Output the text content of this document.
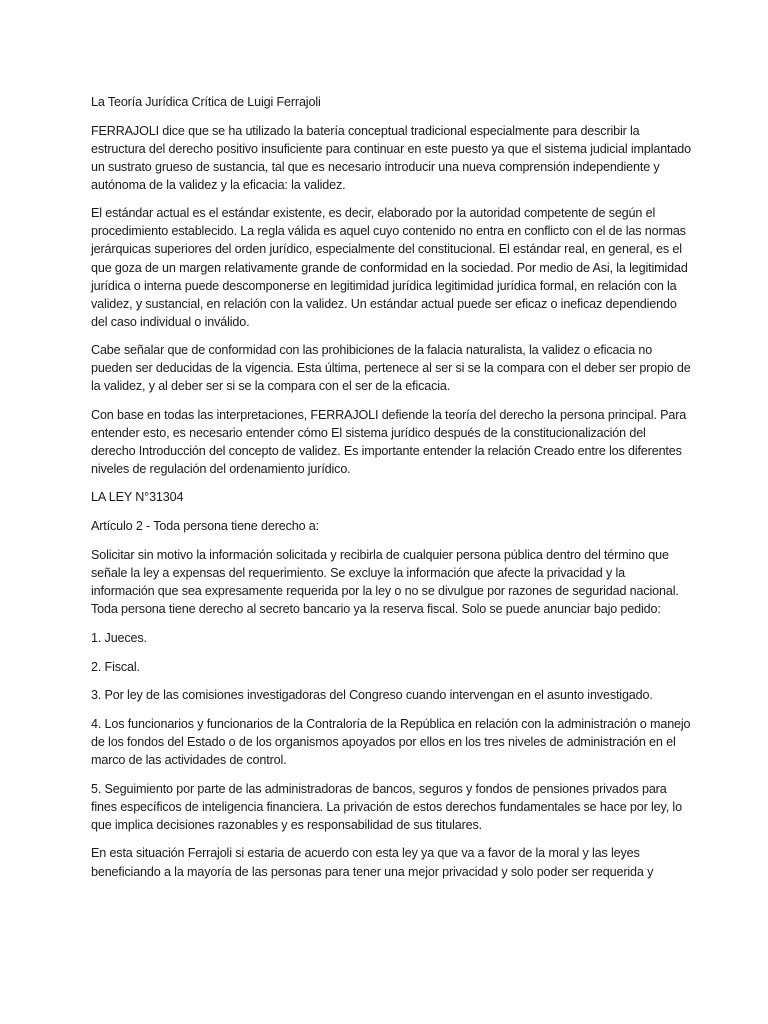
La Teoría Jurídica Crítica de Luigi Ferrajoli

FERRAJOLI dice que se ha utilizado la batería conceptual tradicional especialmente para describir la estructura del derecho positivo insuficiente para continuar en este puesto ya que el sistema judicial implantado un sustrato grueso de sustancia, tal que es necesario introducir una nueva comprensión independiente y autónoma de la validez y la eficacia: la validez.

El estándar actual es el estándar existente, es decir, elaborado por la autoridad competente de según el procedimiento establecido. La regla válida es aquel cuyo contenido no entra en conflicto con el de las normas jerárquicas superiores del orden jurídico, especialmente del constitucional. El estándar real, en general, es el que goza de un margen relativamente grande de conformidad en la sociedad. Por medio de Asi, la legitimidad jurídica o interna puede descomponerse en legitimidad jurídica legitimidad jurídica formal, en relación con la validez, y sustancial, en relación con la validez. Un estándar actual puede ser eficaz o ineficaz dependiendo del caso individual o inválido.

Cabe señalar que de conformidad con las prohibiciones de la falacia naturalista, la validez o eficacia no pueden ser deducidas de la vigencia. Esta última, pertenece al ser si se la compara con el deber ser propio de la validez, y al deber ser si se la compara con el ser de la eficacia.

Con base en todas las interpretaciones, FERRAJOLI defiende la teoría del derecho la persona principal. Para entender esto, es necesario entender cómo El sistema jurídico después de la constitucionalización del derecho Introducción del concepto de validez. Es importante entender la relación Creado entre los diferentes niveles de regulación del ordenamiento jurídico.

LA LEY N°31304

Artículo 2 - Toda persona tiene derecho a:

Solicitar sin motivo la información solicitada y recibirla de cualquier persona pública dentro del término que señale la ley a expensas del requerimiento. Se excluye la información que afecte la privacidad y la información que sea expresamente requerida por la ley o no se divulgue por razones de seguridad nacional. Toda persona tiene derecho al secreto bancario ya la reserva fiscal. Solo se puede anunciar bajo pedido:

1. Jueces.

2. Fiscal.

3. Por ley de las comisiones investigadoras del Congreso cuando intervengan en el asunto investigado.

4. Los funcionarios y funcionarios de la Contraloría de la República en relación con la administración o manejo de los fondos del Estado o de los organismos apoyados por ellos en los tres niveles de administración en el marco de las actividades de control.

5. Seguimiento por parte de las administradoras de bancos, seguros y fondos de pensiones privados para fines específicos de inteligencia financiera. La privación de estos derechos fundamentales se hace por ley, lo que implica decisiones razonables y es responsabilidad de sus titulares.

En esta situación Ferrajoli si estaria de acuerdo con esta ley ya que va a favor de la moral y las leyes beneficiando a la mayoría de las personas para tener una mejor privacidad y solo poder ser requerida y
